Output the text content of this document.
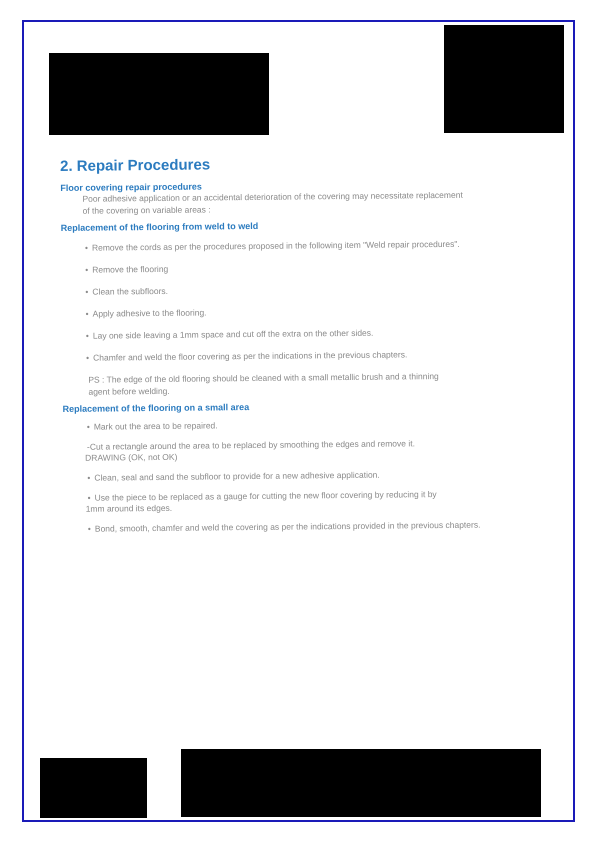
2. Repair Procedures
Floor covering repair procedures
Poor adhesive application or an accidental deterioration of the covering may necessitate replacement
of the covering on variable areas :
Replacement of the flooring from weld to weld
• Remove the cords as per the procedures proposed in the following item "Weld repair procedures".
• Remove the flooring
• Clean the subfloors.
• Apply adhesive to the flooring.
• Lay one side leaving a 1mm space and cut off the extra on the other sides.
• Chamfer and weld the floor covering as per the indications in the previous chapters.
PS : The edge of the old flooring should be cleaned with a small metallic brush and a thinning
agent before welding.
Replacement of the flooring on a small area
• Mark out the area to be repaired.
-Cut a rectangle around the area to be replaced by smoothing the edges and remove it.
DRAWING (OK, not OK)
• Clean, seal and sand the subfloor to provide for a new adhesive application.
• Use the piece to be replaced as a gauge for cutting the new floor covering by reducing it by
1mm around its edges.
• Bond, smooth, chamfer and weld the covering as per the indications provided in the previous chapters.
